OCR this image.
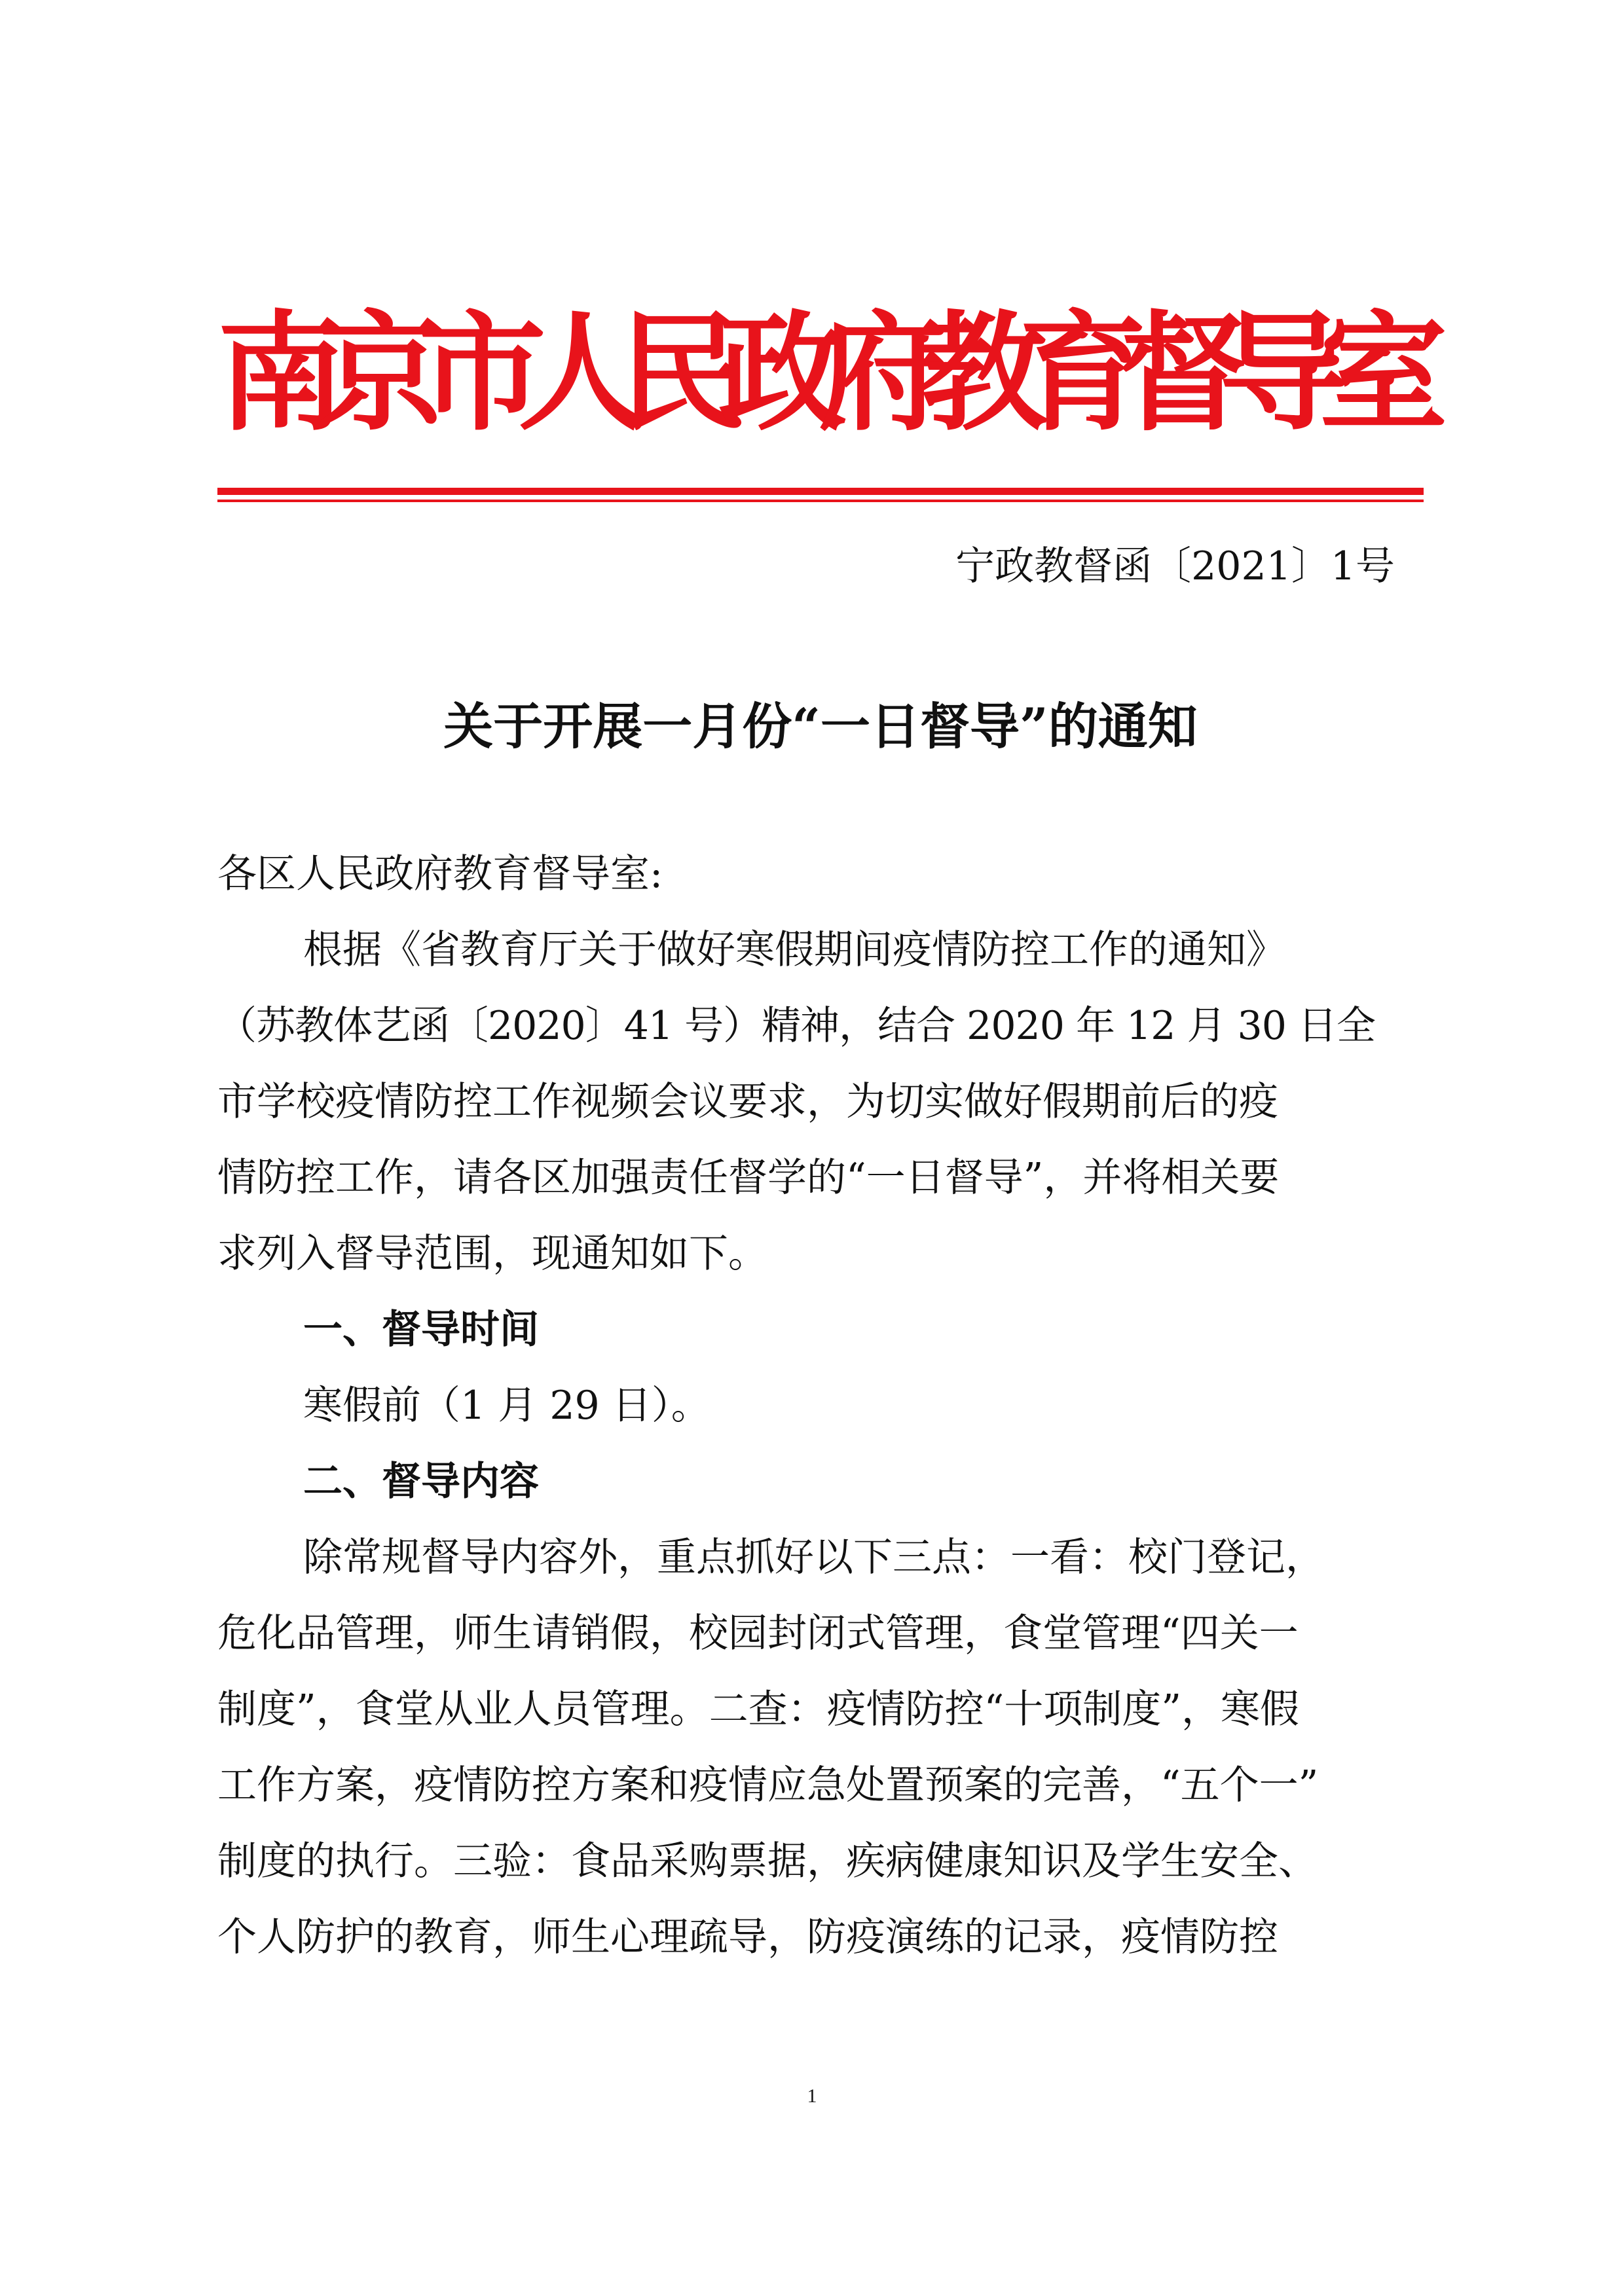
南京市人民政府教育督导室
宁政教督函〔2021〕1号
关于开展一月份“一日督导”的通知

各区人民政府教育督导室:

根据《省教育厅关于做好寒假期间疫情防控工作的通知》

（苏教体艺函〔2020〕41 号）精神，结合 2020 年 12 月 30 日全

市学校疫情防控工作视频会议要求，为切实做好假期前后的疫

情防控工作，请各区加强责任督学的“一日督导”，并将相关要

求列入督导范围，现通知如下。

一、督导时间

寒假前（1 月 29 日）。

二、督导内容

除常规督导内容外，重点抓好以下三点：一看：校门登记，

危化品管理，师生请销假，校园封闭式管理，食堂管理“四关一

制度”，食堂从业人员管理。二查：疫情防控“十项制度”，寒假

工作方案，疫情防控方案和疫情应急处置预案的完善，“五个一”

制度的执行。三验：食品采购票据，疾病健康知识及学生安全、

个人防护的教育，师生心理疏导，防疫演练的记录，疫情防控

1
